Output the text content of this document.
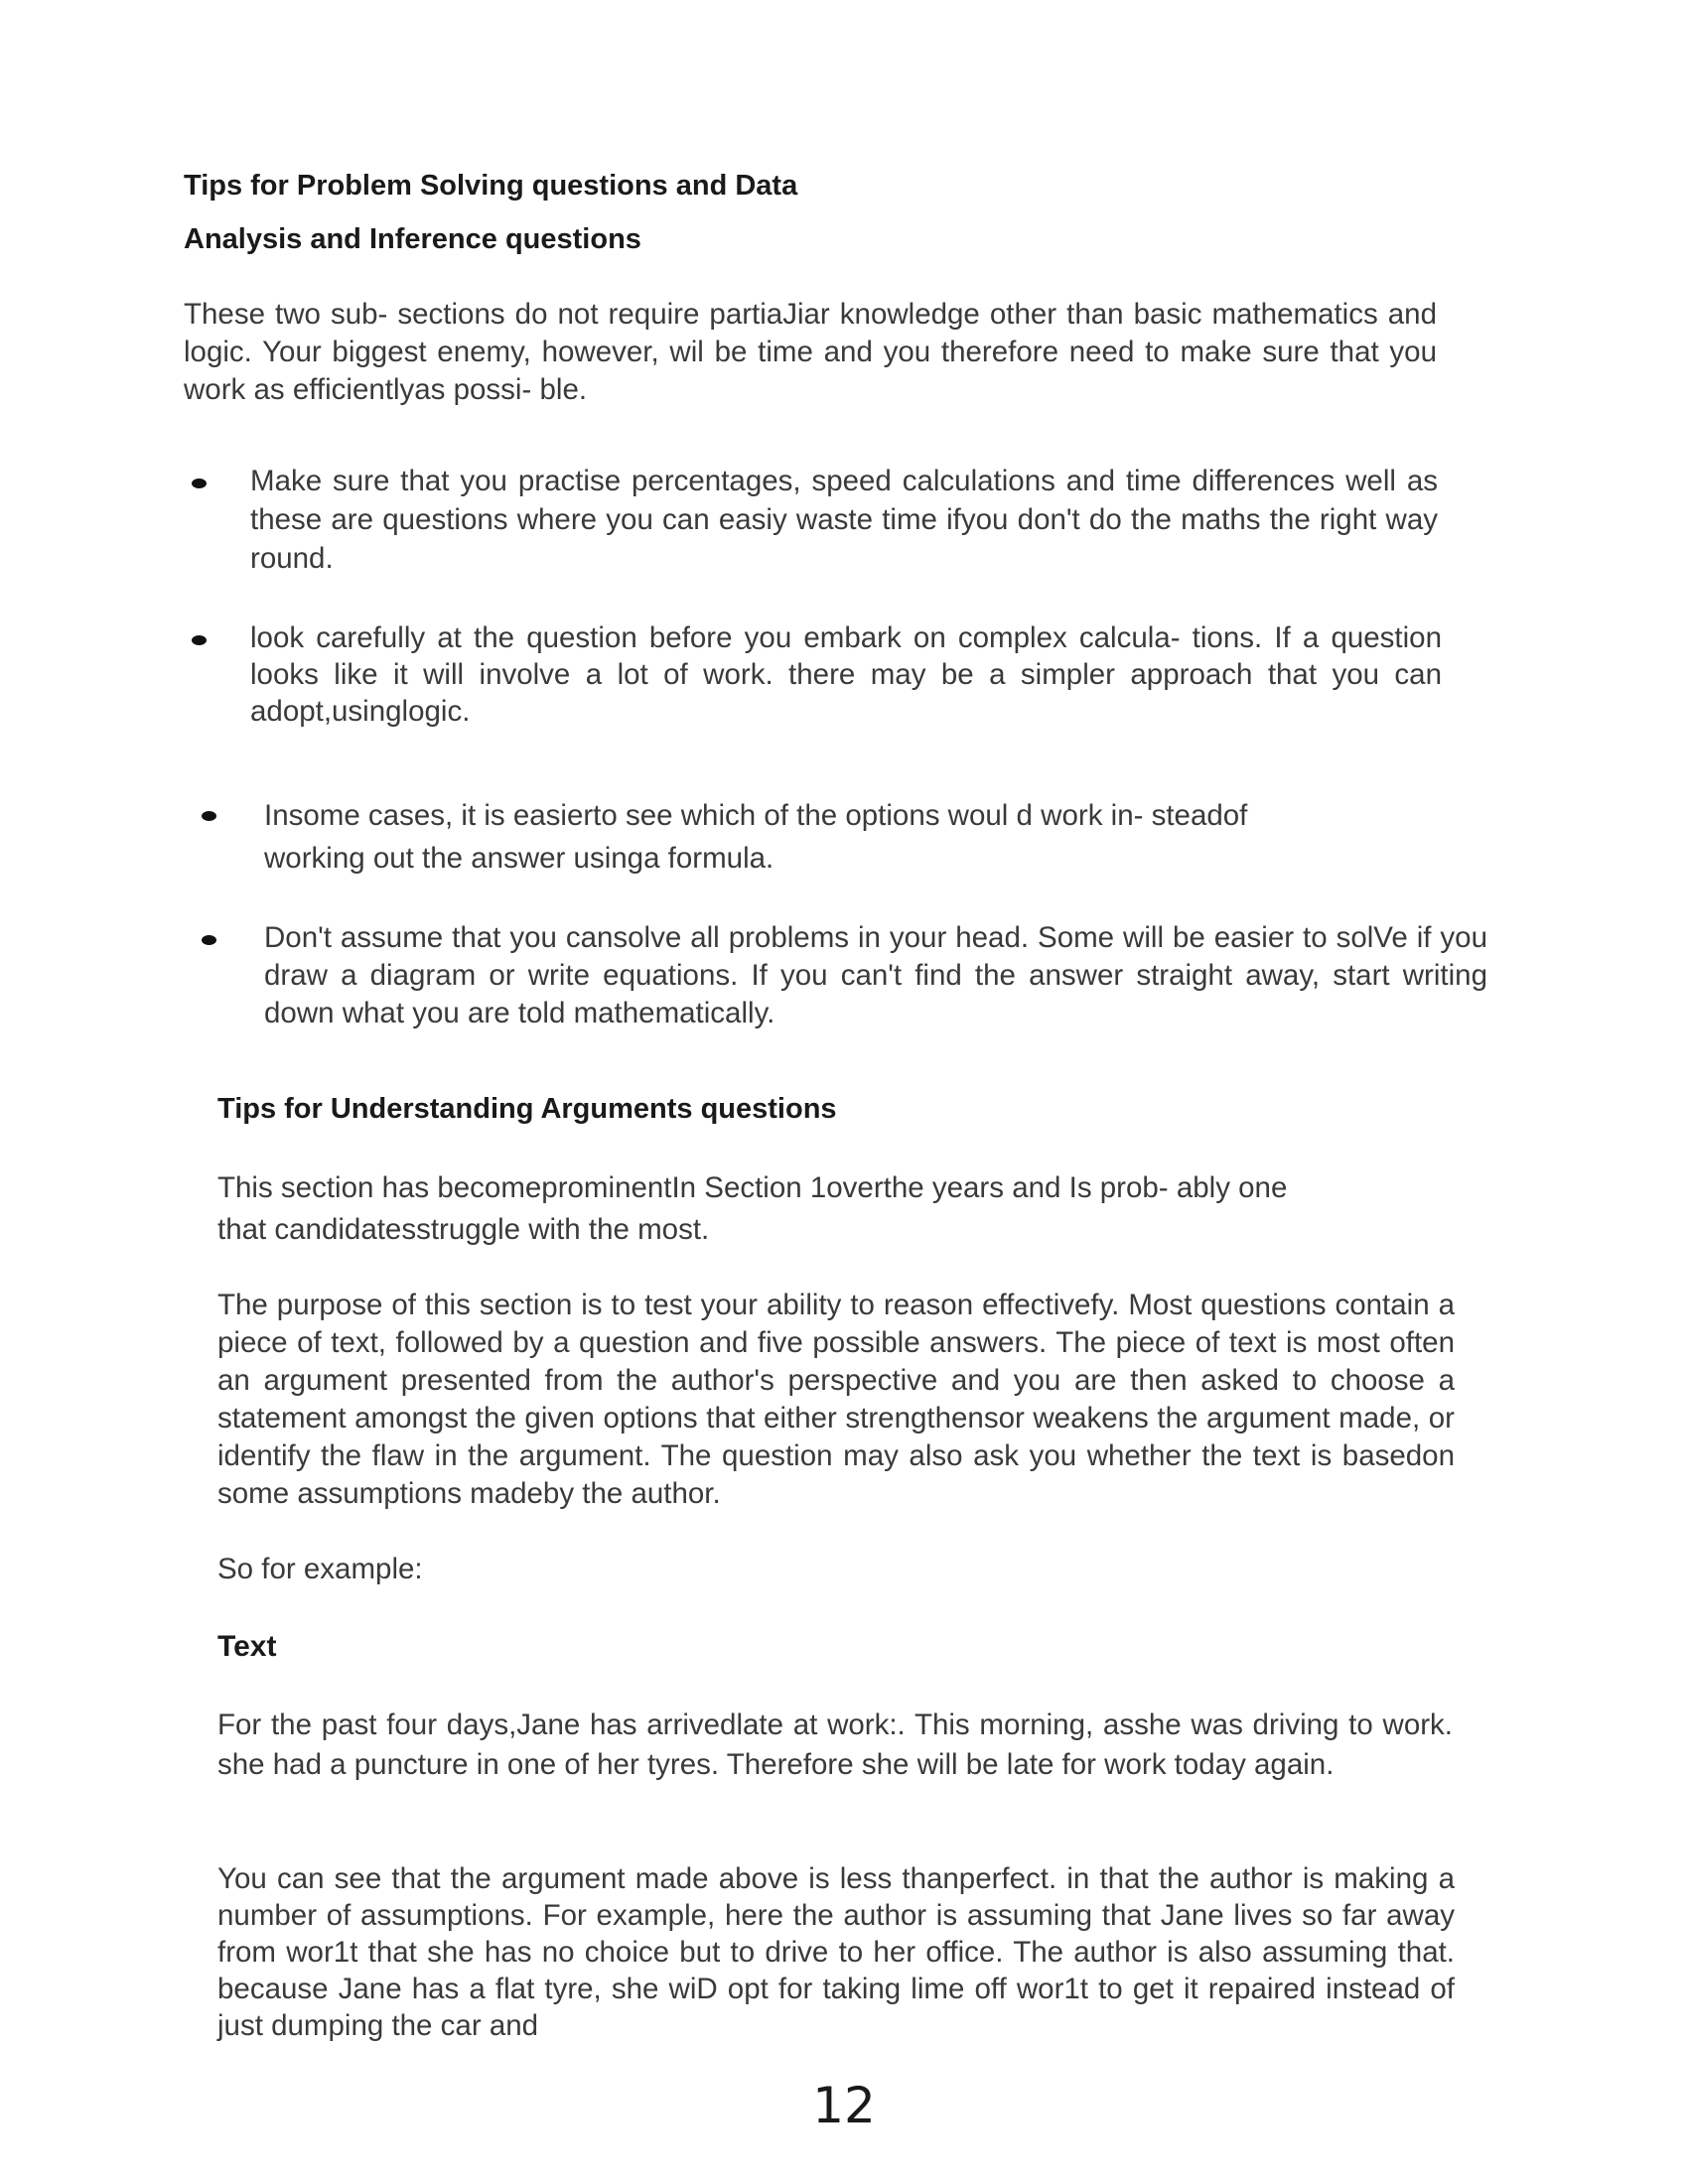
Tips for Problem Solving questions and Data

Analysis and Inference questions

These two sub- sections do not require partiaJiar knowledge other than basic mathematics and logic. Your biggest enemy, however, wil be time and you therefore need to make sure that you work as efficientlyas possi- ble.

Make sure that you practise percentages, speed calculations and time differences well as these are questions where you can easiy waste time ifyou don't do the maths the right way round.

look carefully at the question before you embark on complex calcula- tions. If a question looks like it will involve a lot of work. there may be a simpler approach that you can adopt,usinglogic.

Insome cases, it is easierto see which of the options woul d work in- steadof working out the answer usinga formula.

Don't assume that you cansolve all problems in your head. Some will be easier to solVe if you draw a diagram or write equations. If you can't find the answer straight away, start writing down what you are told mathematically.

Tips for Understanding Arguments questions

This section has becomeprominentIn Section 1overthe years and Is prob- ably one that candidatesstruggle with the most.

The purpose of this section is to test your ability to reason effectivefy. Most questions contain a piece of text, followed by a question and five possible answers. The piece of text is most often an argument presented from the author's perspective and you are then asked to choose a statement amongst the given options that either strengthensor weakens the argument made, or identify the flaw in the argument. The question may also ask you whether the text is basedon some assumptions madeby the author.

So for example:

Text

For the past four days,Jane has arrivedlate at work:. This morning, asshe was driving to work. she had a puncture in one of her tyres. Therefore she will be late for work today again.

You can see that the argument made above is less thanperfect. in that the author is making a number of assumptions. For example, here the author is assuming that Jane lives so far away from wor1t that she has no choice but to drive to her office. The author is also assuming that. because Jane has a flat tyre, she wiD opt for taking lime off wor1t to get it repaired instead of just dumping the car and

12
